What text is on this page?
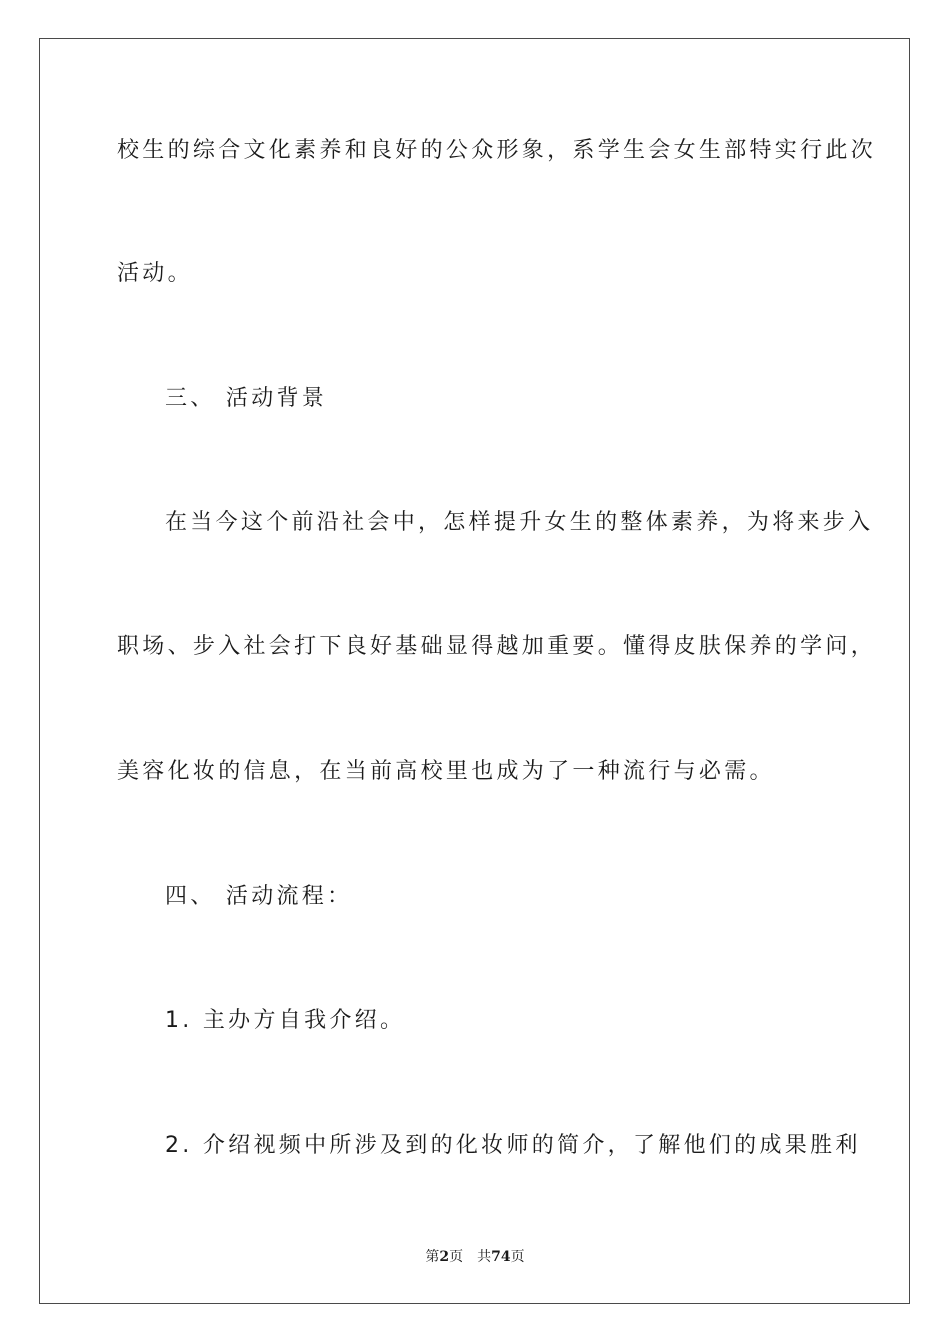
校生的综合文化素养和良好的公众形象，系学生会女生部特实行此次
活动。
三、 活动背景
在当今这个前沿社会中，怎样提升女生的整体素养，为将来步入
职场、步入社会打下良好基础显得越加重要。懂得皮肤保养的学问，
美容化妆的信息，在当前高校里也成为了一种流行与必需。
四、 活动流程：
1. 主办方自我介绍。
2. 介绍视频中所涉及到的化妆师的简介，了解他们的成果胜利
第2页 共74页
